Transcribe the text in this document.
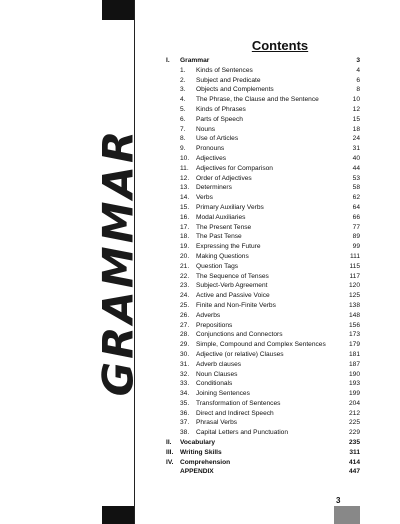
GRAMMAR
Contents
I.	Grammar	3
1.	Kinds of Sentences	4
2.	Subject and Predicate	6
3.	Objects and Complements	8
4.	The Phrase, the Clause and the Sentence	10
5.	Kinds of Phrases	12
6.	Parts of Speech	15
7.	Nouns	18
8.	Use of Articles	24
9.	Pronouns	31
10.	Adjectives	40
11.	Adjectives for Comparison	44
12.	Order of Adjectives	53
13.	Determiners	58
14.	Verbs	62
15.	Primary Auxiliary Verbs	64
16.	Modal Auxiliaries	66
17.	The Present Tense	77
18.	The Past Tense	89
19.	Expressing the Future	99
20.	Making Questions	111
21.	Question Tags	115
22.	The Sequence of Tenses	117
23.	Subject-Verb Agreement	120
24.	Active and Passive Voice	125
25.	Finite and Non-Finite Verbs	138
26.	Adverbs	148
27.	Prepositions	156
28.	Conjunctions and Connectors	173
29.	Simple, Compound and Complex Sentences	179
30.	Adjective (or relative) Clauses	181
31.	Adverb clauses	187
32.	Noun Clauses	190
33.	Conditionals	193
34.	Joining Sentences	199
35.	Transformation of Sentences	204
36.	Direct and Indirect Speech	212
37.	Phrasal Verbs	225
38.	Capital Letters and Punctuation	229
II.	Vocabulary	235
III.	Writing Skills	311
IV. Comprehension	414
APPENDIX	447
3
